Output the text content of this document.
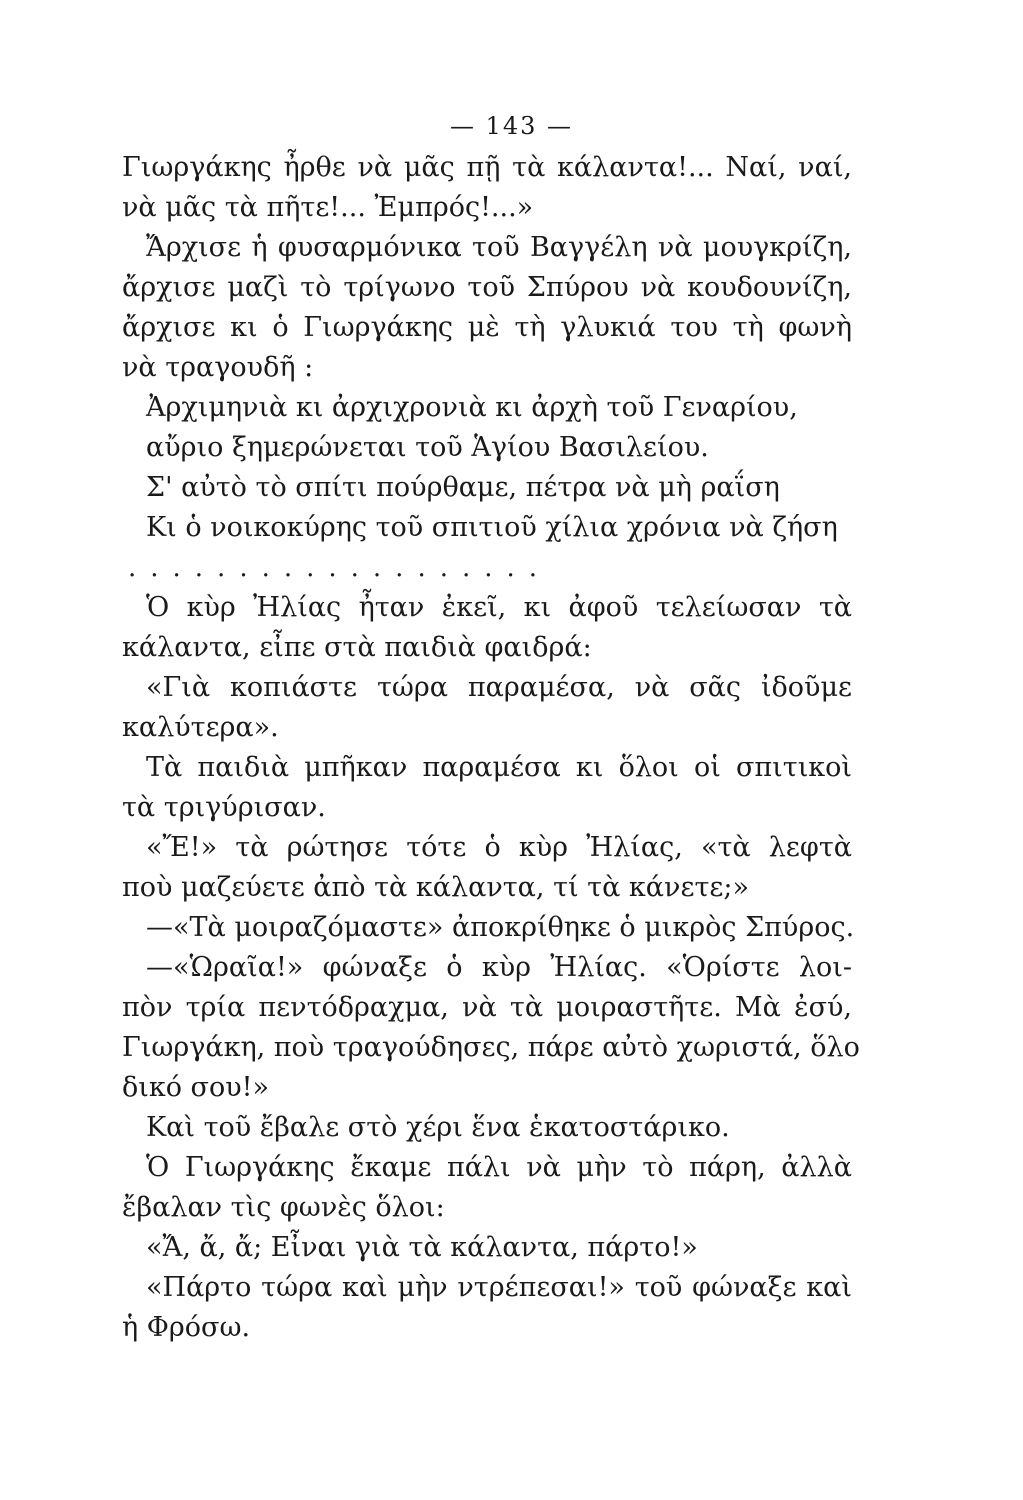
— 143 —
Γιωργάκης ἦρθε νὰ μᾶς πῇ τὰ κάλαντα!... Ναί, ναί,
νὰ μᾶς τὰ πῆτε!... Ἐμπρός!...»
Ἄρχισε ἡ φυσαρμόνικα τοῦ Βαγγέλη νὰ μουγκρίζη,
ἄρχισε μαζὶ τὸ τρίγωνο τοῦ Σπύρου νὰ κουδουνίζη,
ἄρχισε κι ὁ Γιωργάκης μὲ τὴ γλυκιά του τὴ φωνὴ
νὰ τραγουδῆ :
Ἀρχιμηνιὰ κι ἀρχιχρονιὰ κι ἀρχὴ τοῦ Γεναρίου,
αὔριο ξημερώνεται τοῦ Ἁγίου Βασιλείου.
Σ' αὐτὸ τὸ σπίτι πούρθαμε, πέτρα νὰ μὴ ραΐση
Κι ὁ νοικοκύρης τοῦ σπιτιοῦ χίλια χρόνια νὰ ζήση
...................
Ὁ κὺρ Ἠλίας ἦταν ἐκεῖ, κι ἀφοῦ τελείωσαν τὰ
κάλαντα, εἶπε στὰ παιδιὰ φαιδρά:
«Γιὰ κοπιάστε τώρα παραμέσα, νὰ σᾶς ἰδοῦμε
καλύτερα».
Τὰ παιδιὰ μπῆκαν παραμέσα κι ὅλοι οἱ σπιτικοὶ
τὰ τριγύρισαν.
«Ἔ!» τὰ ρώτησε τότε ὁ κὺρ Ἠλίας, «τὰ λεφτὰ
ποὺ μαζεύετε ἀπὸ τὰ κάλαντα, τί τὰ κάνετε;»
—«Τὰ μοιραζόμαστε» ἀποκρίθηκε ὁ μικρὸς Σπύρος.
—«Ὡραῖα!» φώναξε ὁ κὺρ Ἠλίας. «Ὁρίστε λοι-
πὸν τρία πεντόδραχμα, νὰ τὰ μοιραστῆτε. Μὰ ἐσύ,
Γιωργάκη, ποὺ τραγούδησες, πάρε αὐτὸ χωριστά, ὅλο
δικό σου!»
Καὶ τοῦ ἔβαλε στὸ χέρι ἕνα ἑκατοστάρικο.
Ὁ Γιωργάκης ἔκαμε πάλι νὰ μὴν τὸ πάρη, ἀλλὰ
ἔβαλαν τὶς φωνὲς ὅλοι:
«Ἄ, ἄ, ἄ; Εἶναι γιὰ τὰ κάλαντα, πάρτο!»
«Πάρτο τώρα καὶ μὴν ντρέπεσαι!» τοῦ φώναξε καὶ
ἡ Φρόσω.
